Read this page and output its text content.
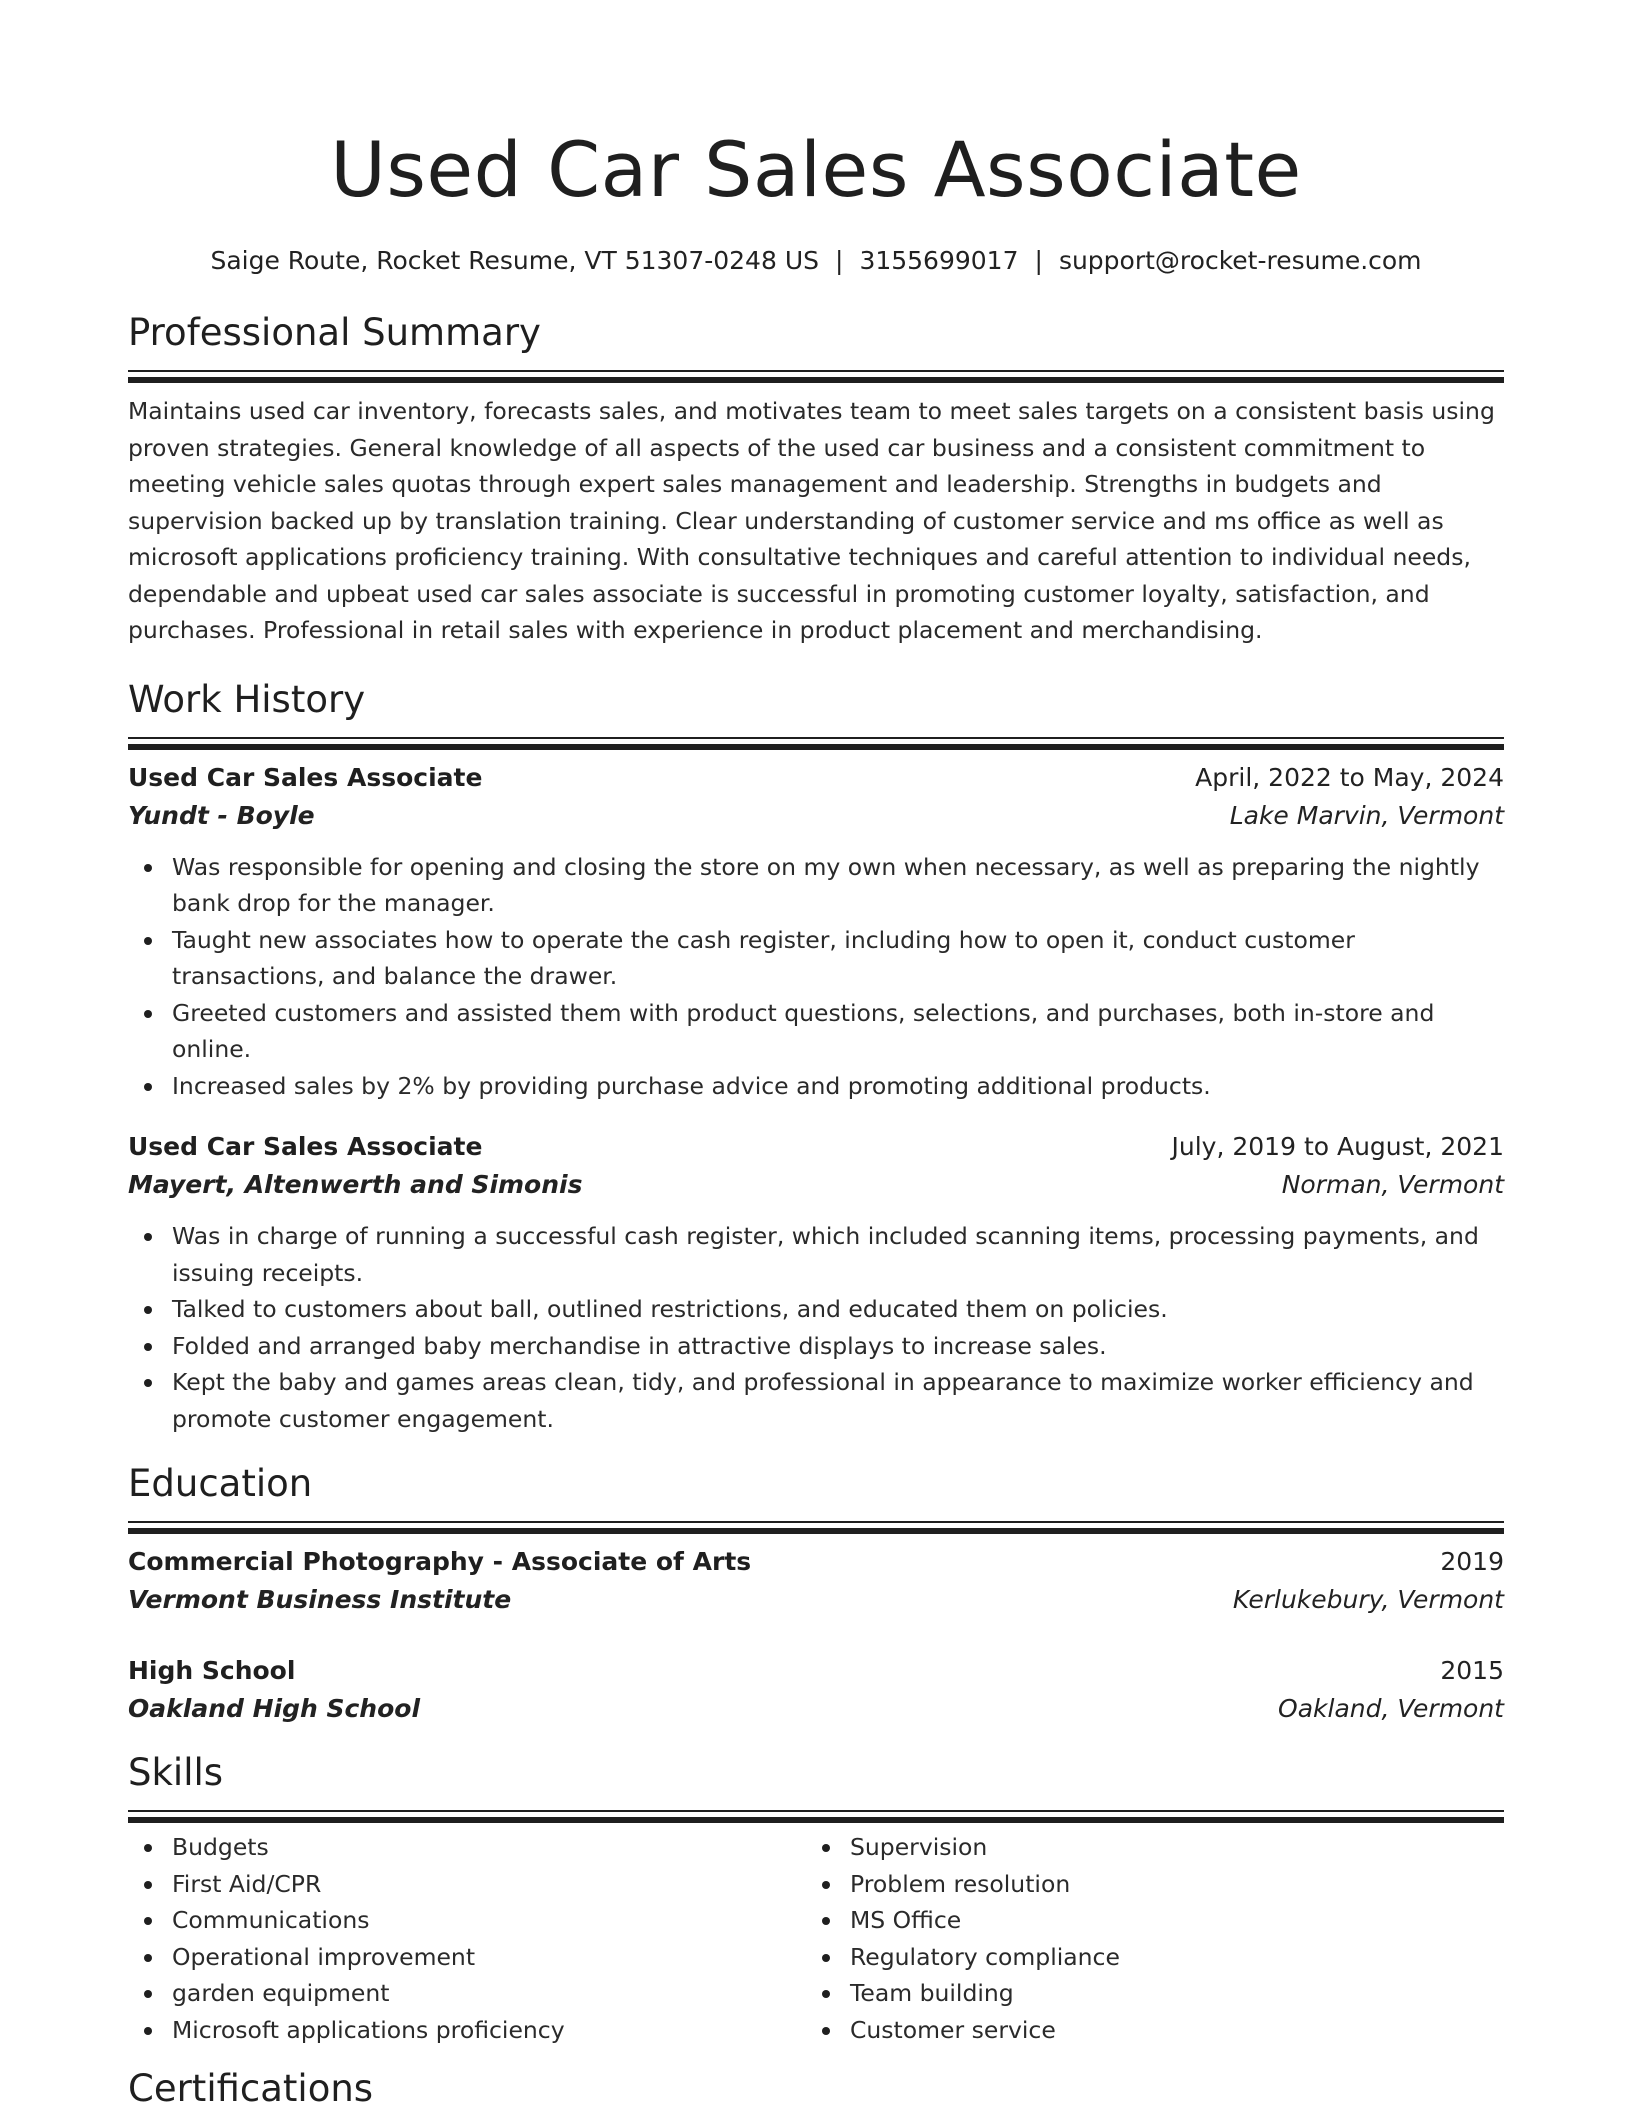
Used Car Sales Associate
Saige Route, Rocket Resume, VT 51307-0248 US | 3155699017 | support@rocket-resume.com
Professional Summary
Maintains used car inventory, forecasts sales, and motivates team to meet sales targets on a consistent basis using proven strategies. General knowledge of all aspects of the used car business and a consistent commitment to meeting vehicle sales quotas through expert sales management and leadership. Strengths in budgets and supervision backed up by translation training. Clear understanding of customer service and ms office as well as microsoft applications proficiency training. With consultative techniques and careful attention to individual needs, dependable and upbeat used car sales associate is successful in promoting customer loyalty, satisfaction, and purchases. Professional in retail sales with experience in product placement and merchandising.
Work History
Used Car Sales Associate	April, 2022 to May, 2024
Yundt - Boyle	Lake Marvin, Vermont
Was responsible for opening and closing the store on my own when necessary, as well as preparing the nightly bank drop for the manager.
Taught new associates how to operate the cash register, including how to open it, conduct customer transactions, and balance the drawer.
Greeted customers and assisted them with product questions, selections, and purchases, both in-store and online.
Increased sales by 2% by providing purchase advice and promoting additional products.
Used Car Sales Associate	July, 2019 to August, 2021
Mayert, Altenwerth and Simonis	Norman, Vermont
Was in charge of running a successful cash register, which included scanning items, processing payments, and issuing receipts.
Talked to customers about ball, outlined restrictions, and educated them on policies.
Folded and arranged baby merchandise in attractive displays to increase sales.
Kept the baby and games areas clean, tidy, and professional in appearance to maximize worker efficiency and promote customer engagement.
Education
Commercial Photography - Associate of Arts	2019
Vermont Business Institute	Kerlukebury, Vermont
High School	2015
Oakland High School	Oakland, Vermont
Skills
Budgets
First Aid/CPR
Communications
Operational improvement
garden equipment
Microsoft applications proficiency
Supervision
Problem resolution
MS Office
Regulatory compliance
Team building
Customer service
Certifications
